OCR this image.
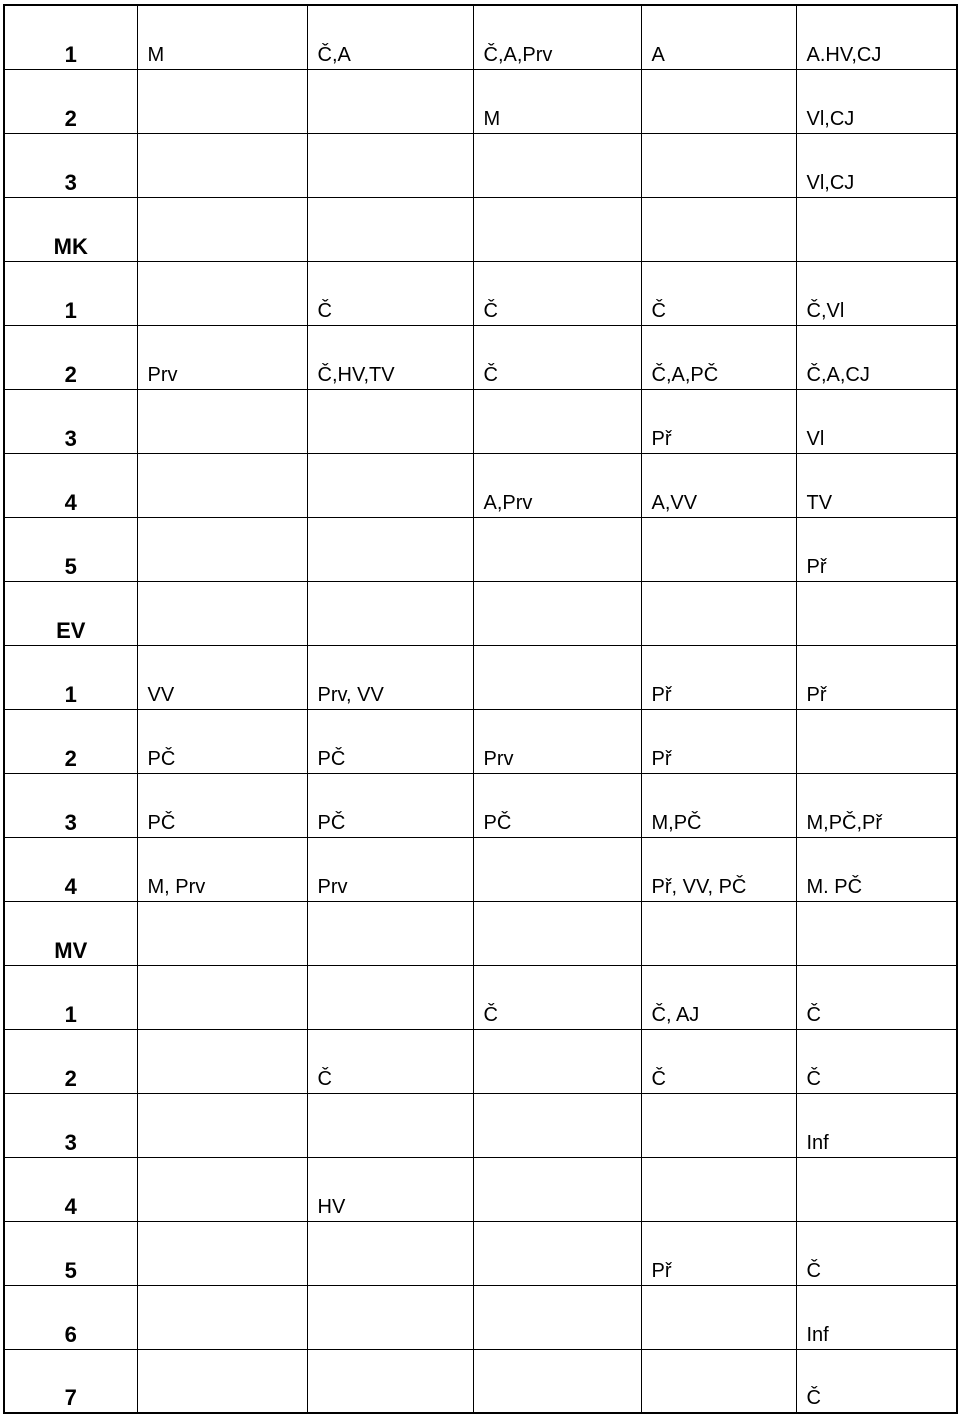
1	M	Č,A	Č,A,Prv	A	A.HV,CJ
2			M		Vl,CJ
3					Vl,CJ
MK					
1		Č	Č	Č	Č,Vl
2	Prv	Č,HV,TV	Č	Č,A,PČ	Č,A,CJ
3				Př	Vl
4			A,Prv	A,VV	TV
5					Př
EV					
1	VV	Prv, VV		Př	Př
2	PČ	PČ	Prv	Př	
3	PČ	PČ	PČ	M,PČ	M,PČ,Př
4	M, Prv	Prv		Př, VV, PČ	M. PČ
MV					
1			Č	Č, AJ	Č
2		Č		Č	Č
3					Inf
4		HV			
5				Př	Č
6					Inf
7					Č
